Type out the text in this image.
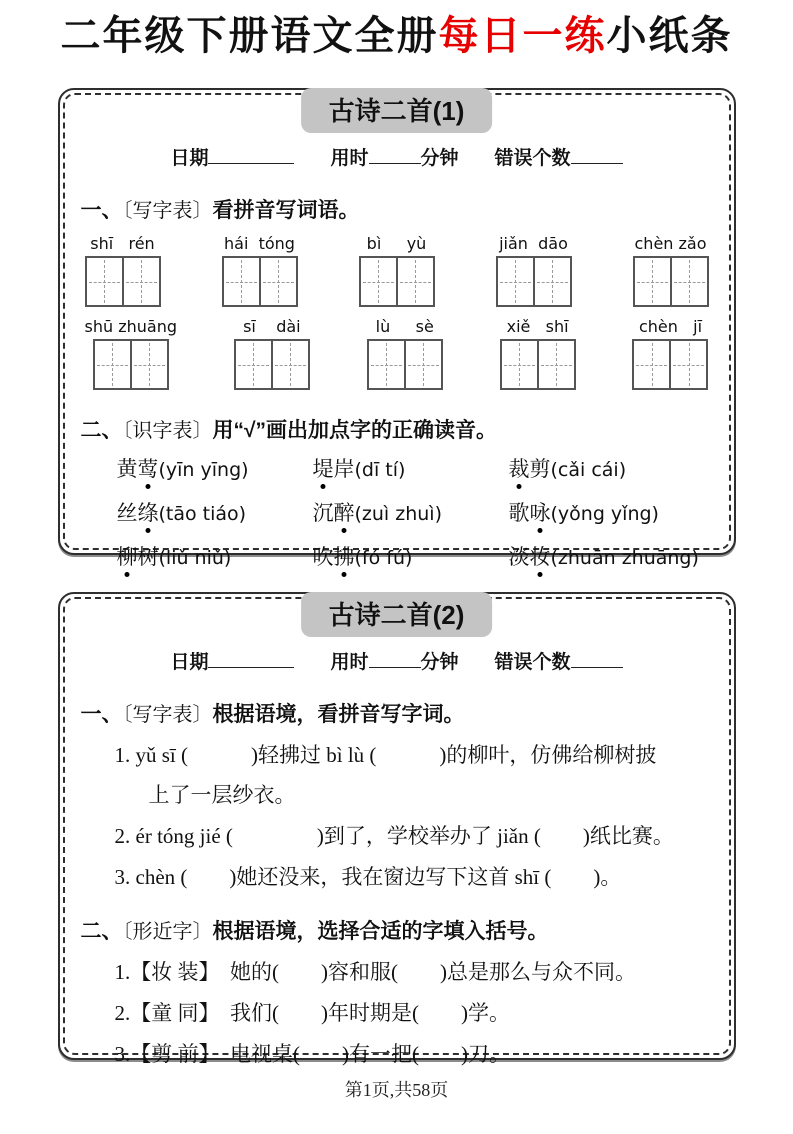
二年级下册语文全册每日一练小纸条
古诗二首(1)
日期	用时	分钟 错误个数
一、〔写字表〕看拼音写词语。
shī   rén	hái  tóng	bì     yù	jiǎn  dāo	chèn zǎo
shū zhuāng	sī    dài	lù     sè	xiě   shī	chèn   jī
二、〔识字表〕用“√”画出加点字的正确读音。
黄莺(yīn yīng)	堤岸(dī tí)	裁剪(cǎi cái)
丝绦(tāo tiáo)	沉醉(zuì zhuì)	歌咏(yǒng yǐng)
柳树(liǔ niǔ)	吹拂(fó fú)	淡妆(zhuān zhuāng)
古诗二首(2)
日期	用时	分钟 错误个数
一、〔写字表〕根据语境，看拼音写字词。
1. yǔ sī (　　　)轻拂过 bì lù (　　　)的柳叶，仿佛给柳树披
上了一层纱衣。
2. ér tóng jié (　　　　)到了，学校举办了 jiǎn (　　)纸比赛。
3. chèn (　　)她还没来，我在窗边写下这首 shī (　　)。
二、〔形近字〕根据语境，选择合适的字填入括号。
1.【妆 装】　她的(　　)容和服(　　)总是那么与众不同。
2.【童 同】　我们(　　)年时期是(　　)学。
3.【剪 前】　电视桌(　　)有一把(　　)刀。
第1页,共58页
